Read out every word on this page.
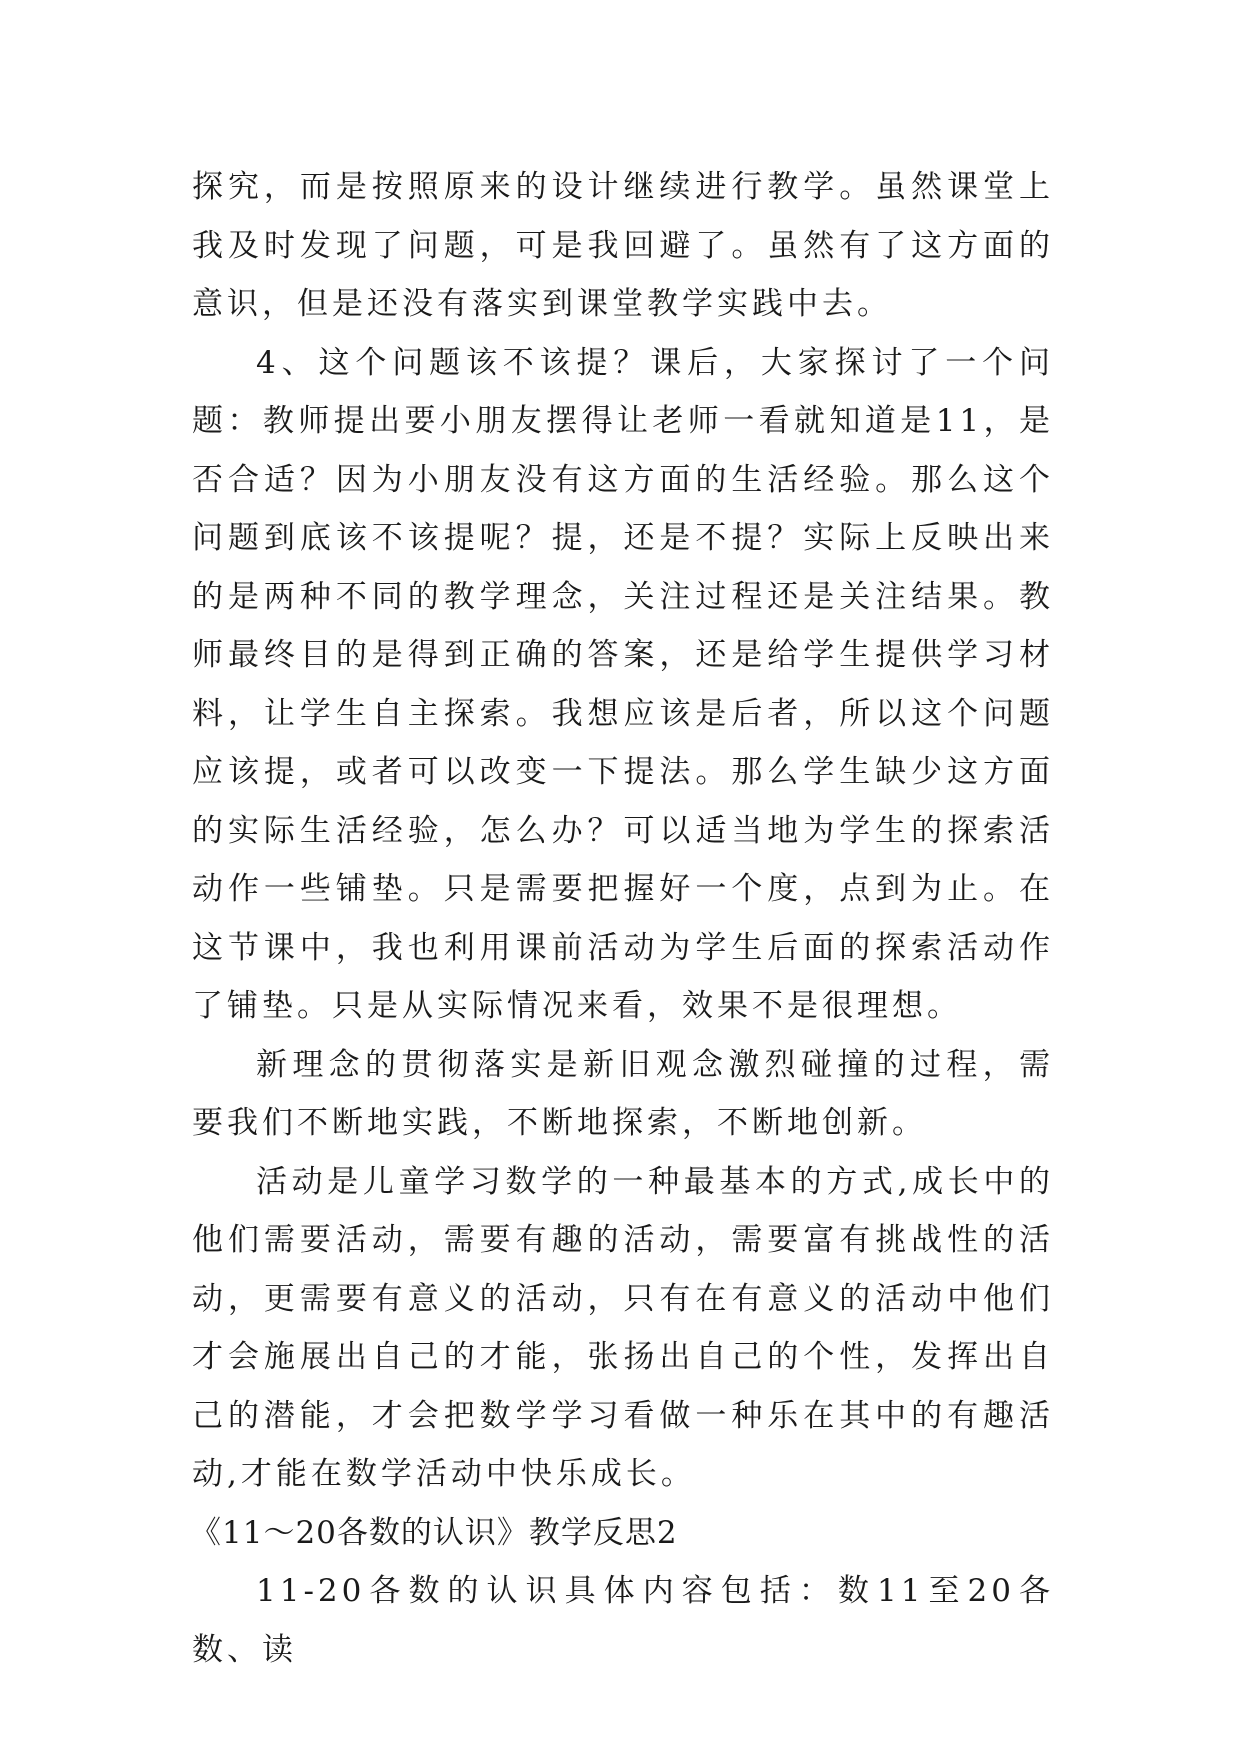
探究，而是按照原来的设计继续进行教学。虽然课堂上我及时发现了问题，可是我回避了。虽然有了这方面的意识，但是还没有落实到课堂教学实践中去。

4、这个问题该不该提？课后，大家探讨了一个问题：教师提出要小朋友摆得让老师一看就知道是11，是否合适？因为小朋友没有这方面的生活经验。那么这个问题到底该不该提呢？提，还是不提？实际上反映出来的是两种不同的教学理念，关注过程还是关注结果。教师最终目的是得到正确的答案，还是给学生提供学习材料，让学生自主探索。我想应该是后者，所以这个问题应该提，或者可以改变一下提法。那么学生缺少这方面的实际生活经验，怎么办？可以适当地为学生的探索活动作一些铺垫。只是需要把握好一个度，点到为止。在这节课中，我也利用课前活动为学生后面的探索活动作了铺垫。只是从实际情况来看，效果不是很理想。

新理念的贯彻落实是新旧观念激烈碰撞的过程，需要我们不断地实践，不断地探索，不断地创新。

活动是儿童学习数学的一种最基本的方式,成长中的他们需要活动，需要有趣的活动，需要富有挑战性的活动，更需要有意义的活动，只有在有意义的活动中他们才会施展出自己的才能，张扬出自己的个性，发挥出自己的潜能，才会把数学学习看做一种乐在其中的有趣活动,才能在数学活动中快乐成长。

《11～20各数的认识》教学反思2

11-20各数的认识具体内容包括：数11至20各数、读
